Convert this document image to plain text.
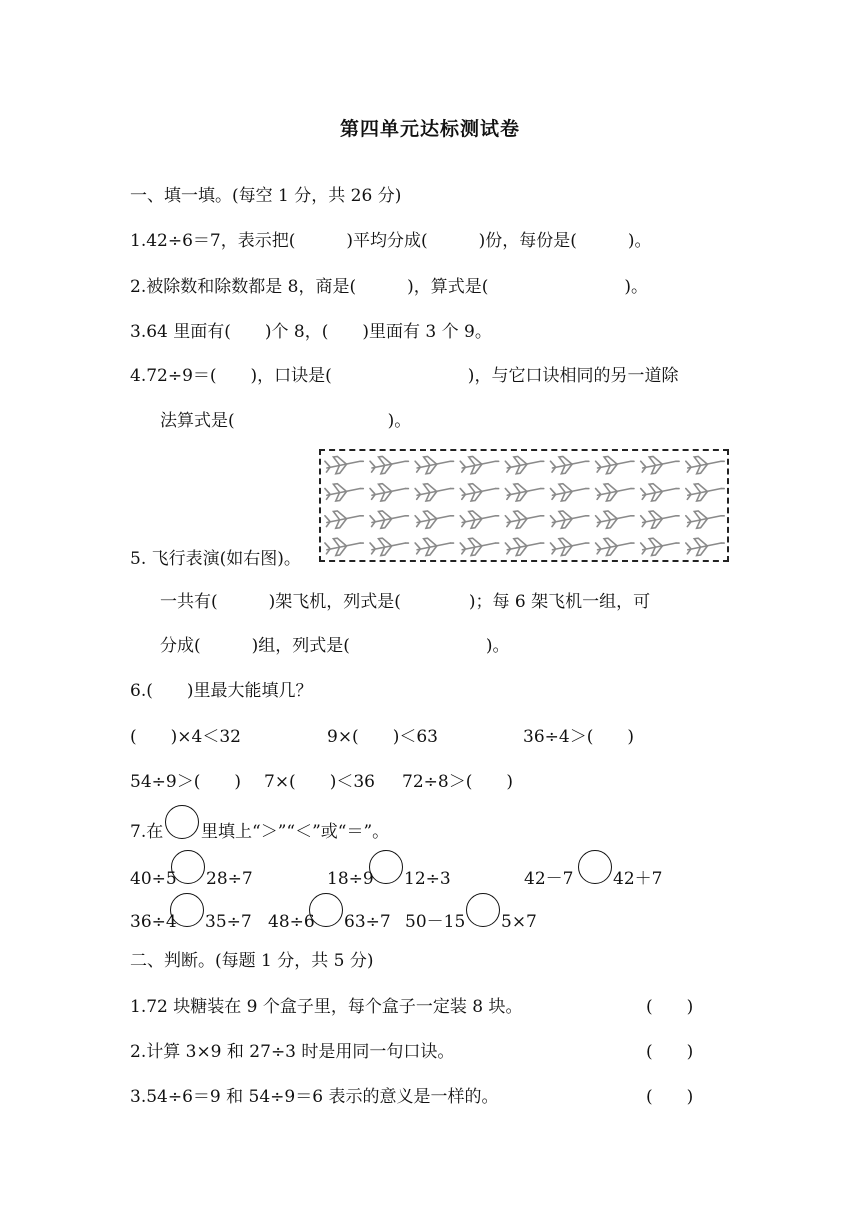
第四单元达标测试卷
一、填一填。(每空 1 分，共 26 分)
1.42÷6＝7，表示把(　　　)平均分成(　　　)份，每份是(　　　)。
2.被除数和除数都是 8，商是(　　　)，算式是(　　　　　　　　)。
3.64 里面有(　　)个 8，(　　)里面有 3 个 9。
4.72÷9＝(　　)，口诀是(　　　　　　　　)，与它口诀相同的另一道除
法算式是(　　　　　　　　　)。
5. 飞行表演(如右图)。
一共有(　　　)架飞机，列式是(　　　　)；每 6 架飞机一组，可
分成(　　　)组，列式是(　　　　　　　　)。
6.(　　)里最大能填几？
(　　)×4＜32	9×(　　)＜63	36÷4＞(　　)
54÷9＞(　　) 7×(　　)＜36 72÷8＞(　　)
7.在 里填上“＞”“＜”或“＝”。
40÷5 28÷7	18÷9 12÷3	42－7 42＋7
36÷4 35÷7 48÷6 63÷7 50－15 5×7
二、判断。(每题 1 分，共 5 分)
1.72 块糖装在 9 个盒子里，每个盒子一定装 8 块。	(　　)
2.计算 3×9 和 27÷3 时是用同一句口诀。	(　　)
3.54÷6＝9 和 54÷9＝6 表示的意义是一样的。	(　　)
